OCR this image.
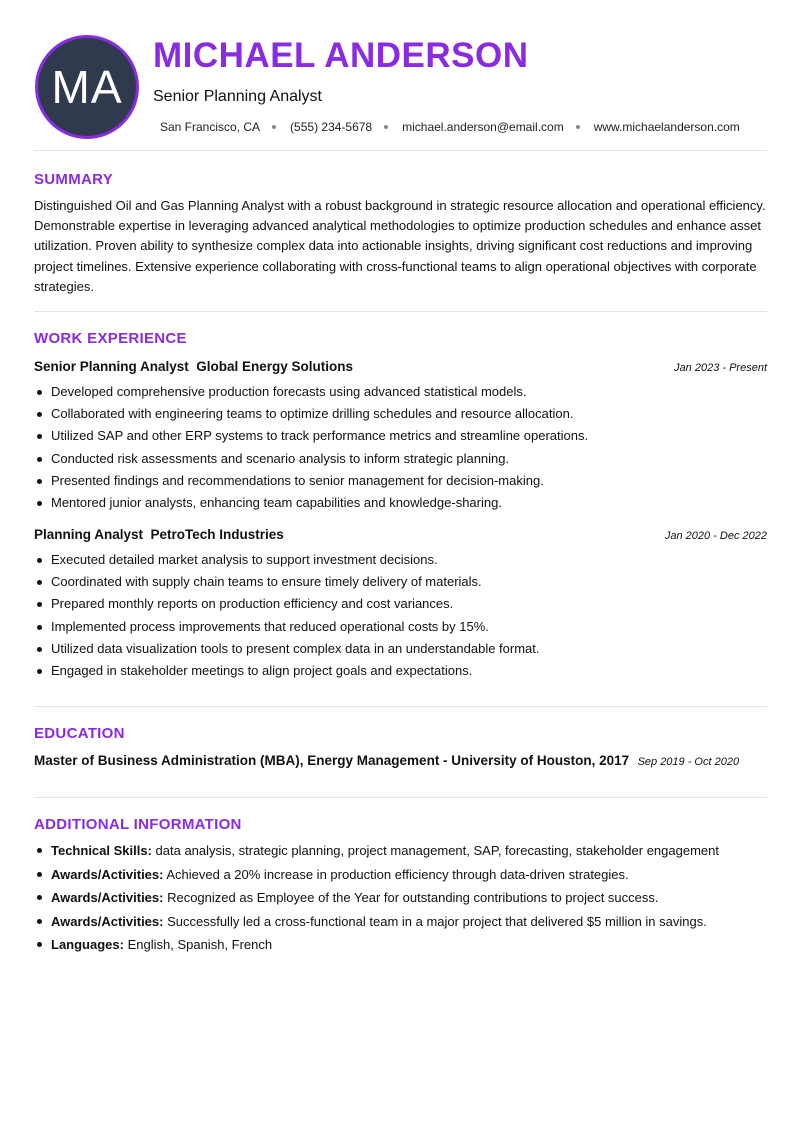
MA
MICHAEL ANDERSON
Senior Planning Analyst
San Francisco, CA	(555) 234-5678	michael.anderson@email.com	www.michaelanderson.com
SUMMARY

Distinguished Oil and Gas Planning Analyst with a robust background in strategic resource allocation and operational efficiency. Demonstrable expertise in leveraging advanced analytical methodologies to optimize production schedules and enhance asset utilization. Proven ability to synthesize complex data into actionable insights, driving significant cost reductions and improving project timelines. Extensive experience collaborating with cross-functional teams to align operational objectives with corporate strategies.

WORK EXPERIENCE
Senior Planning Analyst  Global Energy Solutions	Jan 2023 - Present
Developed comprehensive production forecasts using advanced statistical models.
Collaborated with engineering teams to optimize drilling schedules and resource allocation.
Utilized SAP and other ERP systems to track performance metrics and streamline operations.
Conducted risk assessments and scenario analysis to inform strategic planning.
Presented findings and recommendations to senior management for decision-making.
Mentored junior analysts, enhancing team capabilities and knowledge-sharing.
Planning Analyst  PetroTech Industries	Jan 2020 - Dec 2022
Executed detailed market analysis to support investment decisions.
Coordinated with supply chain teams to ensure timely delivery of materials.
Prepared monthly reports on production efficiency and cost variances.
Implemented process improvements that reduced operational costs by 15%.
Utilized data visualization tools to present complex data in an understandable format.
Engaged in stakeholder meetings to align project goals and expectations.
EDUCATION
Master of Business Administration (MBA), Energy Management - University of Houston, 2017 Sep 2019 - Oct 2020
ADDITIONAL INFORMATION
Technical Skills: data analysis, strategic planning, project management, SAP, forecasting, stakeholder engagement
Awards/Activities: Achieved a 20% increase in production efficiency through data-driven strategies.
Awards/Activities: Recognized as Employee of the Year for outstanding contributions to project success.
Awards/Activities: Successfully led a cross-functional team in a major project that delivered $5 million in savings.
Languages: English, Spanish, French
